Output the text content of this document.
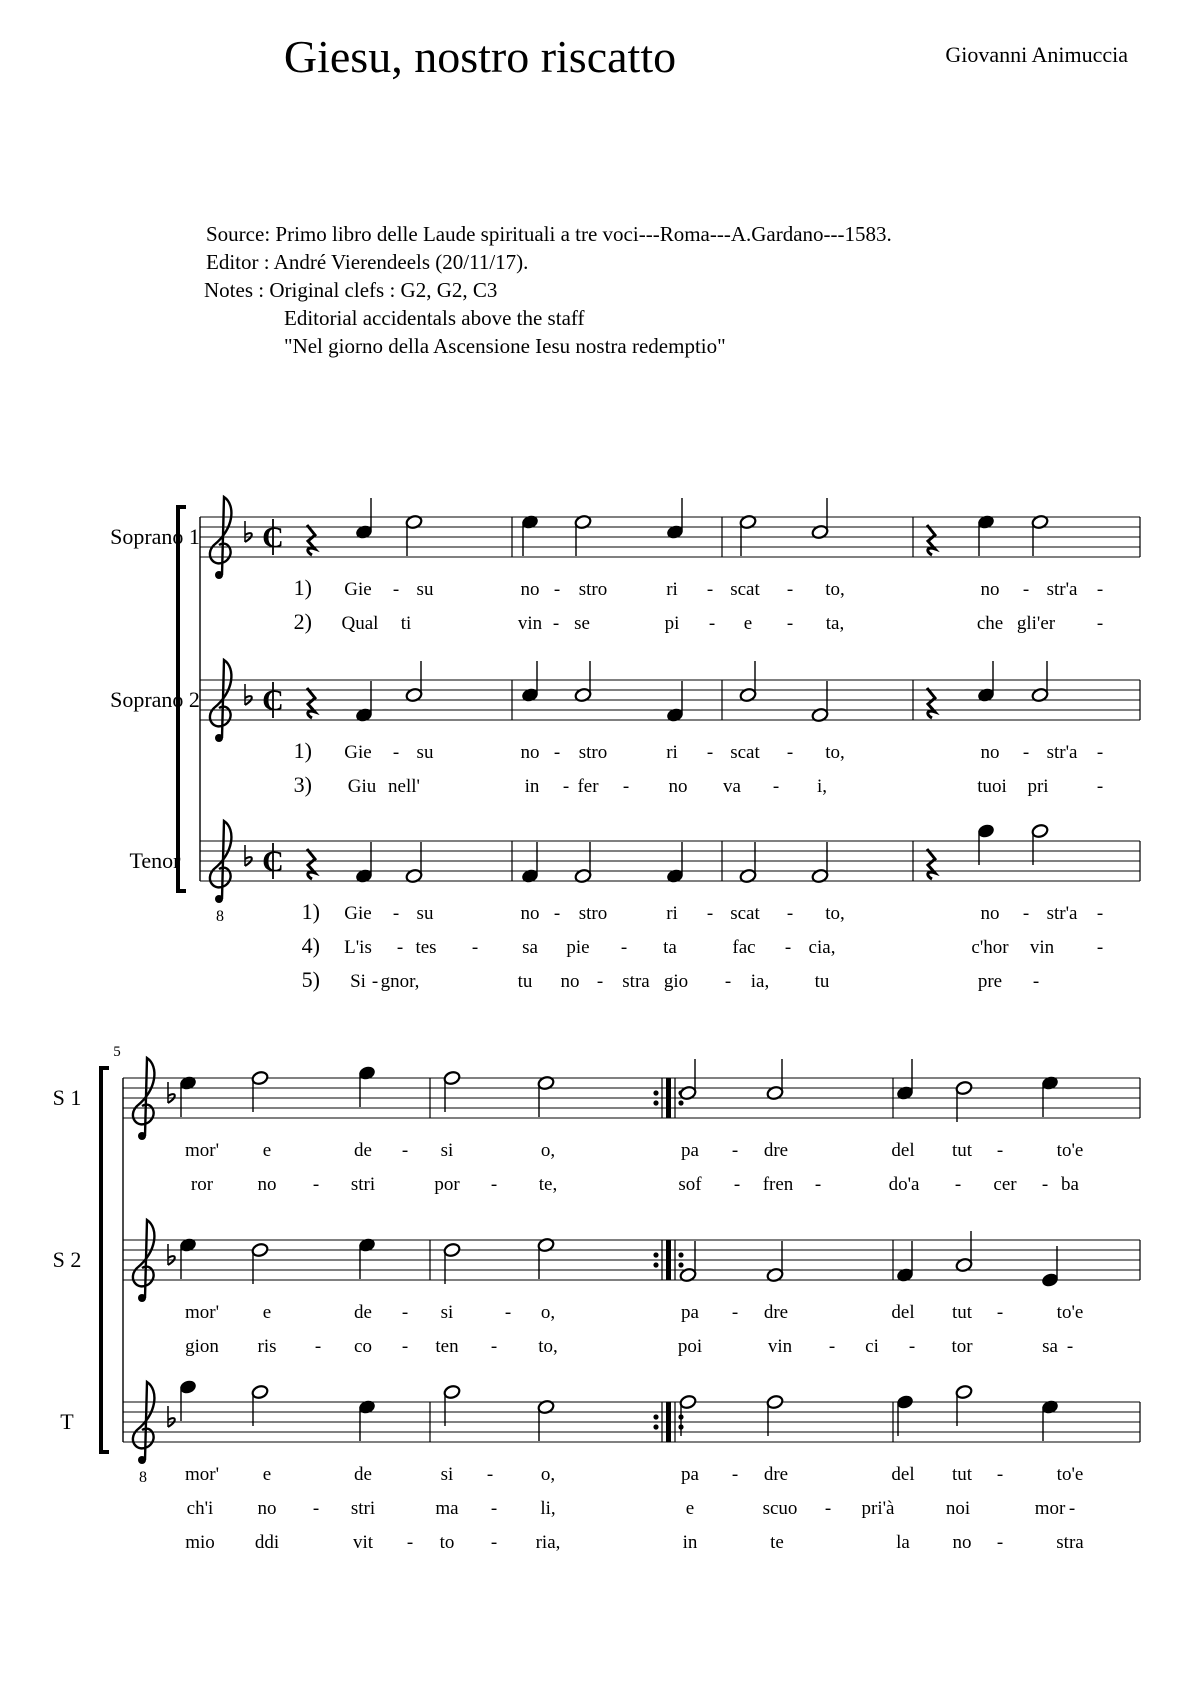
Giesu, nostro riscatto	Giovanni Animuccia
Source: Primo libro delle Laude spirituali a tre voci---Roma---A.Gardano---1583.
Editor : André Vierendeels (20/11/17).
Notes : Original clefs : G2, G2, C3
Editorial accidentals above the staff
"Nel giorno della Ascensione Iesu nostra redemptio"
Soprano 1 C
1) Gie - su	no - stro	ri - scat - to,	no - str'a -
2) Qual ti	vin - se	pi - e - ta,	che gli'er -
Soprano 2 C
1) Gie - su	no - stro	ri - scat - to,	no - str'a -
3) Giu nell'	in - fer - no va - i,	tuoi pri	-
Tenor
8
C
1) Gie - su	no - stro	ri - scat - to,	no - str'a -
4) L'is - tes - sa pie - ta	fac - cia,	c'hor vin -
5) Si - gnor,	tu no - stra gio - ia, tu	pre -
5
S 1
mor' e	de - si	o,	pa - dre	del tut -	to'e
ror no - stri	por - te,	sof - fren -	do'a - cer - ba
S 2
mor' e	de - si	- o,	pa - dre	del tut -	to'e
gion ris - co - ten - to,	poi	vin - ci - tor	sa -
T
8 mor' e	de	si -	o,	pa - dre	del tut -	to'e
ch'i no - stri	ma - li,	e	scuo - pri'à	noi	mor -
mio ddi	vit - to - ria,	in	te	la no -	stra
